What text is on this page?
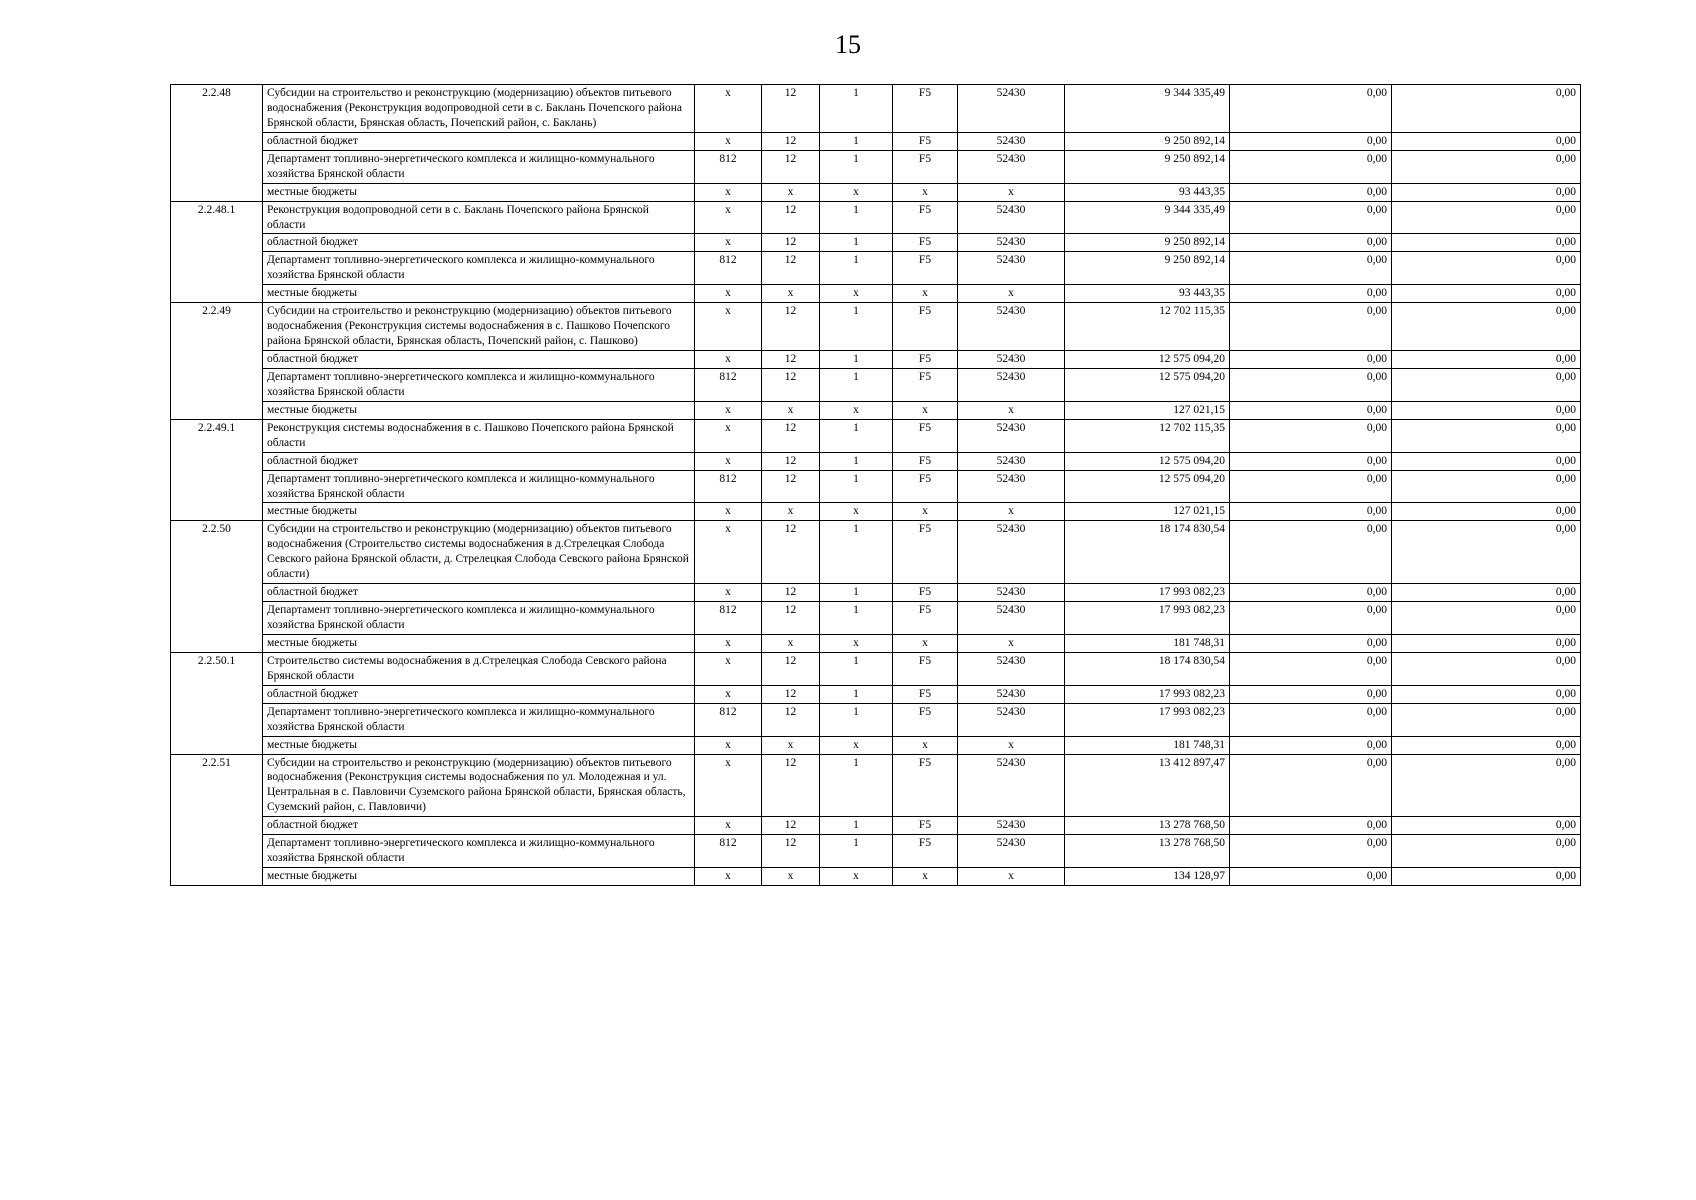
15
2.2.48	Субсидии на строительство и реконструкцию (модернизацию) объектов питьевого водоснабжения (Реконструкция водопроводной сети в с. Баклань Почепского района Брянской области, Брянская область, Почепский район, с. Баклань)	x	12	1	F5	52430	9 344 335,49	0,00	0,00
	областной бюджет	x	12	1	F5	52430	9 250 892,14	0,00	0,00
	Департамент топливно-энергетического комплекса и жилищно-коммунального хозяйства Брянской области	812	12	1	F5	52430	9 250 892,14	0,00	0,00
	местные бюджеты	x	x	x	x	x	93 443,35	0,00	0,00
2.2.48.1	Реконструкция водопроводной сети в с. Баклань Почепского района Брянской области	x	12	1	F5	52430	9 344 335,49	0,00	0,00
	областной бюджет	x	12	1	F5	52430	9 250 892,14	0,00	0,00
	Департамент топливно-энергетического комплекса и жилищно-коммунального хозяйства Брянской области	812	12	1	F5	52430	9 250 892,14	0,00	0,00
	местные бюджеты	x	x	x	x	x	93 443,35	0,00	0,00
2.2.49	Субсидии на строительство и реконструкцию (модернизацию) объектов питьевого водоснабжения (Реконструкция системы водоснабжения в с. Пашково Почепского района Брянской области, Брянская область, Почепский район, с. Пашково)	x	12	1	F5	52430	12 702 115,35	0,00	0,00
	областной бюджет	x	12	1	F5	52430	12 575 094,20	0,00	0,00
	Департамент топливно-энергетического комплекса и жилищно-коммунального хозяйства Брянской области	812	12	1	F5	52430	12 575 094,20	0,00	0,00
	местные бюджеты	x	x	x	x	x	127 021,15	0,00	0,00
2.2.49.1	Реконструкция системы водоснабжения в с. Пашково Почепского района Брянской области	x	12	1	F5	52430	12 702 115,35	0,00	0,00
	областной бюджет	x	12	1	F5	52430	12 575 094,20	0,00	0,00
	Департамент топливно-энергетического комплекса и жилищно-коммунального хозяйства Брянской области	812	12	1	F5	52430	12 575 094,20	0,00	0,00
	местные бюджеты	x	x	x	x	x	127 021,15	0,00	0,00
2.2.50	Субсидии на строительство и реконструкцию (модернизацию) объектов питьевого водоснабжения (Строительство системы водоснабжения в д.Стрелецкая Слобода Севского района Брянской области, д. Стрелецкая Слобода Севского района Брянской области)	x	12	1	F5	52430	18 174 830,54	0,00	0,00
	областной бюджет	x	12	1	F5	52430	17 993 082,23	0,00	0,00
	Департамент топливно-энергетического комплекса и жилищно-коммунального хозяйства Брянской области	812	12	1	F5	52430	17 993 082,23	0,00	0,00
	местные бюджеты	x	x	x	x	x	181 748,31	0,00	0,00
2.2.50.1	Строительство системы водоснабжения в д.Стрелецкая Слобода Севского района Брянской области	x	12	1	F5	52430	18 174 830,54	0,00	0,00
	областной бюджет	x	12	1	F5	52430	17 993 082,23	0,00	0,00
	Департамент топливно-энергетического комплекса и жилищно-коммунального хозяйства Брянской области	812	12	1	F5	52430	17 993 082,23	0,00	0,00
	местные бюджеты	x	x	x	x	x	181 748,31	0,00	0,00
2.2.51	Субсидии на строительство и реконструкцию (модернизацию) объектов питьевого водоснабжения (Реконструкция системы водоснабжения по ул. Молодежная и ул. Центральная в с. Павловичи Суземского района Брянской области, Брянская область, Суземский район, с. Павловичи)	x	12	1	F5	52430	13 412 897,47	0,00	0,00
	областной бюджет	x	12	1	F5	52430	13 278 768,50	0,00	0,00
	Департамент топливно-энергетического комплекса и жилищно-коммунального хозяйства Брянской области	812	12	1	F5	52430	13 278 768,50	0,00	0,00
	местные бюджеты	x	x	x	x	x	134 128,97	0,00	0,00
